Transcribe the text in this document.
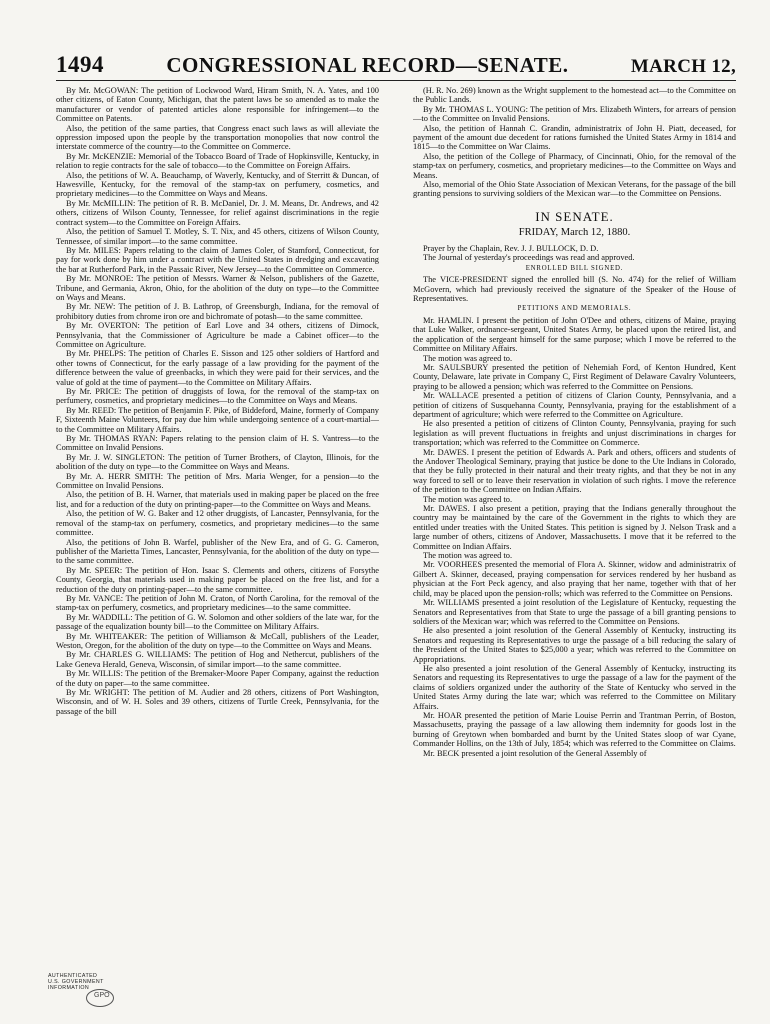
1494	CONGRESSIONAL RECORD—SENATE.	MARCH 12,

By Mr. McGOWAN: The petition of Lockwood Ward, Hiram Smith, N. A. Yates, and 100 other citizens, of Eaton County, Michigan, that the patent laws be so amended as to make the manufacturer or vendor of patented articles alone responsible for infringement—to the Committee on Patents.

Also, the petition of the same parties, that Congress enact such laws as will alleviate the oppression imposed upon the people by the transportation monopolies that now control the interstate commerce of the country—to the Committee on Commerce.

By Mr. McKENZIE: Memorial of the Tobacco Board of Trade of Hopkinsville, Kentucky, in relation to regie contracts for the sale of tobacco—to the Committee on Foreign Affairs.

Also, the petitions of W. A. Beauchamp, of Waverly, Kentucky, and of Sterritt & Duncan, of Hawesville, Kentucky, for the removal of the stamp-tax on perfumery, cosmetics, and proprietary medicines—to the Committee on Ways and Means.

By Mr. McMILLIN: The petition of R. B. McDaniel, Dr. J. M. Means, Dr. Andrews, and 42 others, citizens of Wilson County, Tennessee, for relief against discriminations in the regie contract system—to the Committee on Foreign Affairs.

Also, the petition of Samuel T. Motley, S. T. Nix, and 45 others, citizens of Wilson County, Tennessee, of similar import—to the same committee.

By Mr. MILES: Papers relating to the claim of James Coler, of Stamford, Connecticut, for pay for work done by him under a contract with the United States in dredging and excavating the bar at Rutherford Park, in the Passaic River, New Jersey—to the Committee on Commerce.

By Mr. MONROE: The petition of Messrs. Warner & Nelson, publishers of the Gazette, Tribune, and Germania, Akron, Ohio, for the abolition of the duty on type—to the Committee on Ways and Means.

By Mr. NEW: The petition of J. B. Lathrop, of Greensburgh, Indiana, for the removal of prohibitory duties from chrome iron ore and bichromate of potash—to the same committee.

By Mr. OVERTON: The petition of Earl Love and 34 others, citizens of Dimock, Pennsylvania, that the Commissioner of Agriculture be made a Cabinet officer—to the Committee on Agriculture.

By Mr. PHELPS: The petition of Charles E. Sisson and 125 other soldiers of Hartford and other towns of Connecticut, for the early passage of a law providing for the payment of the difference between the value of greenbacks, in which they were paid for their services, and the value of gold at the time of payment—to the Committee on Military Affairs.

By Mr. PRICE: The petition of druggists of Iowa, for the removal of the stamp-tax on perfumery, cosmetics, and proprietary medicines—to the Committee on Ways and Means.

By Mr. REED: The petition of Benjamin F. Pike, of Biddeford, Maine, formerly of Company F, Sixteenth Maine Volunteers, for pay due him while undergoing sentence of a court-martial—to the Committee on Military Affairs.

By Mr. THOMAS RYAN: Papers relating to the pension claim of H. S. Vantress—to the Committee on Invalid Pensions.

By Mr. J. W. SINGLETON: The petition of Turner Brothers, of Clayton, Illinois, for the abolition of the duty on type—to the Committee on Ways and Means.

By Mr. A. HERR SMITH: The petition of Mrs. Maria Wenger, for a pension—to the Committee on Invalid Pensions.

Also, the petition of B. H. Warner, that materials used in making paper be placed on the free list, and for a reduction of the duty on printing-paper—to the Committee on Ways and Means.

Also, the petition of W. G. Baker and 12 other druggists, of Lancaster, Pennsylvania, for the removal of the stamp-tax on perfumery, cosmetics, and proprietary medicines—to the same committee.

Also, the petitions of John B. Warfel, publisher of the New Era, and of G. G. Cameron, publisher of the Marietta Times, Lancaster, Pennsylvania, for the abolition of the duty on type—to the same committee.

By Mr. SPEER: The petition of Hon. Isaac S. Clements and others, citizens of Forsythe County, Georgia, that materials used in making paper be placed on the free list, and for a reduction of the duty on printing-paper—to the same committee.

By Mr. VANCE: The petition of John M. Craton, of North Carolina, for the removal of the stamp-tax on perfumery, cosmetics, and proprietary medicines—to the same committee.

By Mr. WADDILL: The petition of G. W. Solomon and other soldiers of the late war, for the passage of the equalization bounty bill—to the Committee on Military Affairs.

By Mr. WHITEAKER: The petition of Williamson & McCall, publishers of the Leader, Weston, Oregon, for the abolition of the duty on type—to the Committee on Ways and Means.

By Mr. CHARLES G. WILLIAMS: The petition of Hog and Nethercut, publishers of the Lake Geneva Herald, Geneva, Wisconsin, of similar import—to the same committee.

By Mr. WILLIS: The petition of the Bremaker-Moore Paper Company, against the reduction of the duty on paper—to the same committee.

By Mr. WRIGHT: The petition of M. Audier and 28 others, citizens of Port Washington, Wisconsin, and of W. H. Soles and 39 others, citizens of Turtle Creek, Pennsylvania, for the passage of the bill

(H. R. No. 269) known as the Wright supplement to the homestead act—to the Committee on the Public Lands.

By Mr. THOMAS L. YOUNG: The petition of Mrs. Elizabeth Winters, for arrears of pension—to the Committee on Invalid Pensions.

Also, the petition of Hannah C. Grandin, administratrix of John H. Piatt, deceased, for payment of the amount due decedent for rations furnished the United States Army in 1814 and 1815—to the Committee on War Claims.

Also, the petition of the College of Pharmacy, of Cincinnati, Ohio, for the removal of the stamp-tax on perfumery, cosmetics, and proprietary medicines—to the Committee on Ways and Means.

Also, memorial of the Ohio State Association of Mexican Veterans, for the passage of the bill granting pensions to surviving soldiers of the Mexican war—to the Committee on Pensions.

IN SENATE.
FRIDAY, March 12, 1880.

Prayer by the Chaplain, Rev. J. J. BULLOCK, D. D.

The Journal of yesterday's proceedings was read and approved.

ENROLLED BILL SIGNED.

The VICE-PRESIDENT signed the enrolled bill (S. No. 474) for the relief of William McGovern, which had previously received the signature of the Speaker of the House of Representatives.

PETITIONS AND MEMORIALS.

Mr. HAMLIN. I present the petition of John O'Dee and others, citizens of Maine, praying that Luke Walker, ordnance-sergeant, United States Army, be placed upon the retired list, and the application of the sergeant himself for the same purpose; which I move be referred to the Committee on Military Affairs.

The motion was agreed to.

Mr. SAULSBURY presented the petition of Nehemiah Ford, of Kenton Hundred, Kent County, Delaware, late private in Company C, First Regiment of Delaware Cavalry Volunteers, praying to be allowed a pension; which was referred to the Committee on Pensions.

Mr. WALLACE presented a petition of citizens of Clarion County, Pennsylvania, and a petition of citizens of Susquehanna County, Pennsylvania, praying for the establishment of a department of agriculture; which were referred to the Committee on Agriculture.

He also presented a petition of citizens of Clinton County, Pennsylvania, praying for such legislation as will prevent fluctuations in freights and unjust discriminations in charges for transportation; which was referred to the Committee on Commerce.

Mr. DAWES. I present the petition of Edwards A. Park and others, officers and students of the Andover Theological Seminary, praying that justice be done to the Ute Indians in Colorado, that they be fully protected in their natural and their treaty rights, and that they be not in any way forced to sell or to leave their reservation in violation of such rights. I move the reference of the petition to the Committee on Indian Affairs.

The motion was agreed to.

Mr. DAWES. I also present a petition, praying that the Indians generally throughout the country may be maintained by the care of the Government in the rights to which they are entitled under treaties with the United States. This petition is signed by J. Nelson Trask and a large number of others, citizens of Andover, Massachusetts. I move that it be referred to the Committee on Indian Affairs.

The motion was agreed to.

Mr. VOORHEES presented the memorial of Flora A. Skinner, widow and administratrix of Gilbert A. Skinner, deceased, praying compensation for services rendered by her husband as physician at the Fort Peck agency, and also praying that her name, together with that of her child, may be placed upon the pension-rolls; which was referred to the Committee on Pensions.

Mr. WILLIAMS presented a joint resolution of the Legislature of Kentucky, requesting the Senators and Representatives from that State to urge the passage of a bill granting pensions to soldiers of the Mexican war; which was referred to the Committee on Pensions.

He also presented a joint resolution of the General Assembly of Kentucky, instructing its Senators and requesting its Representatives to urge the passage of a bill reducing the salary of the President of the United States to $25,000 a year; which was referred to the Committee on Appropriations.

He also presented a joint resolution of the General Assembly of Kentucky, instructing its Senators and requesting its Representatives to urge the passage of a law for the payment of the claims of soldiers organized under the authority of the State of Kentucky who served in the United States Army during the late war; which was referred to the Committee on Military Affairs.

Mr. HOAR presented the petition of Marie Louise Perrin and Trantman Perrin, of Boston, Massachusetts, praying the passage of a law allowing them indemnity for goods lost in the burning of Greytown when bombarded and burnt by the United States sloop of war Cyane, Commander Hollins, on the 13th of July, 1854; which was referred to the Committee on Claims.

Mr. BECK presented a joint resolution of the General Assembly of

AUTHENTICATED
U.S. GOVERNMENT
INFORMATION
GPO
